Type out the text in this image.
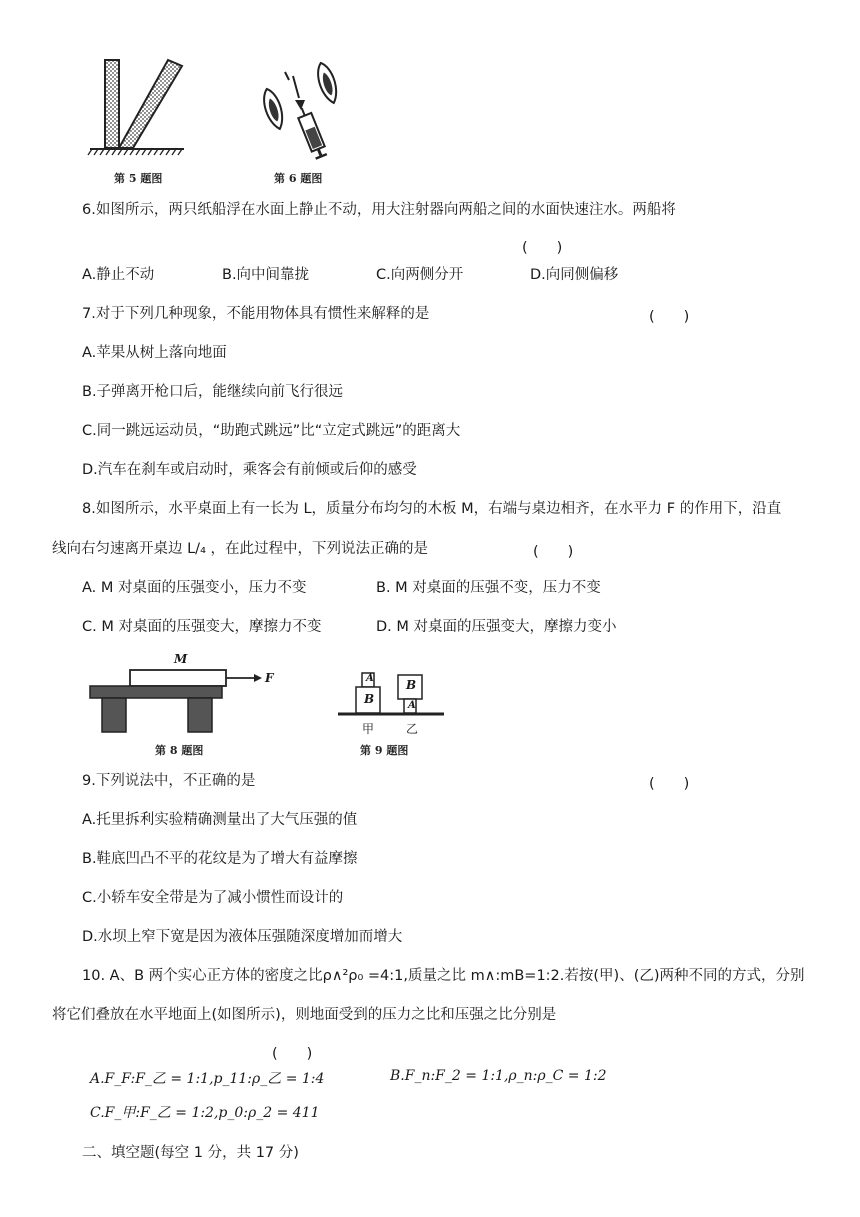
第 5 题图	第 6 题图
6.如图所示，两只纸船浮在水面上静止不动，用大注射器向两船之间的水面快速注水。两船将
(　　)
A.静止不动	B.向中间靠拢	C.向两侧分开	D.向同侧偏移
7.对于下列几种现象，不能用物体具有惯性来解释的是	(　　)
A.苹果从树上落向地面
B.子弹离开枪口后，能继续向前飞行很远
C.同一跳远运动员，“助跑式跳远”比“立定式跳远”的距离大
D.汽车在刹车或启动时，乘客会有前倾或后仰的感受
8.如图所示，水平桌面上有一长为 L，质量分布均匀的木板 M，右端与桌边相齐，在水平力 F 的作用下，沿直
线向右匀速离开桌边 L/₄ ，在此过程中，下列说法正确的是	(　　)
A. M 对桌面的压强变小，压力不变	B. M 对桌面的压强不变，压力不变
C. M 对桌面的压强变大，摩擦力不变	D. M 对桌面的压强变大，摩擦力变小
M
F
第 8 题图
A
B
B
A
甲	乙
第 9 题图
9.下列说法中，不正确的是	(　　)
A.托里拆利实验精确测量出了大气压强的值
B.鞋底凹凸不平的花纹是为了增大有益摩擦
C.小轿车安全带是为了减小惯性而设计的
D.水坝上窄下宽是因为液体压强随深度增加而增大
10. A、B 两个实心正方体的密度之比ρ∧²ρ₀ =4:1,质量之比 m∧:mB=1:2.若按(甲)、(乙)两种不同的方式，分别
将它们叠放在水平地面上(如图所示)，则地面受到的压力之比和压强之比分别是
(　　)
A.F_F:F_乙 = 1:1,p_11:ρ_乙 = 1:4	B.F_n:F_2 = 1:1,ρ_n:ρ_C = 1:2
C.F_甲:F_乙 = 1:2,p_0:ρ_2 = 411
二、填空题(每空 1 分，共 17 分)
